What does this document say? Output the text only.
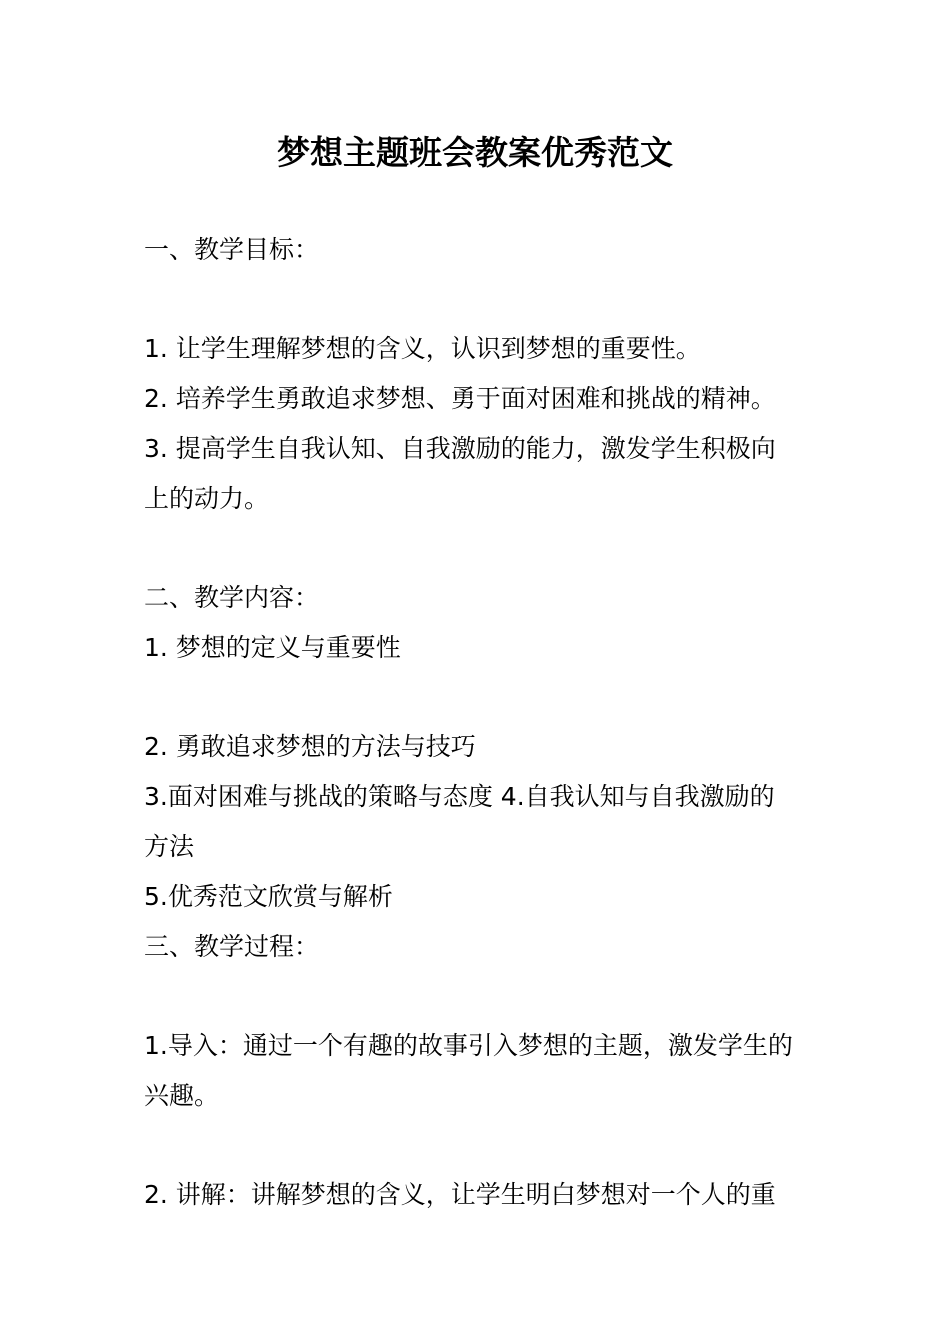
梦想主题班会教案优秀范文
一、教学目标：
1. 让学生理解梦想的含义，认识到梦想的重要性。
2. 培养学生勇敢追求梦想、勇于面对困难和挑战的精神。
3. 提高学生自我认知、自我激励的能力，激发学生积极向
上的动力。
二、教学内容：
1. 梦想的定义与重要性
2. 勇敢追求梦想的方法与技巧
3.面对困难与挑战的策略与态度 4.自我认知与自我激励的
方法
5.优秀范文欣赏与解析
三、教学过程：
1.导入：通过一个有趣的故事引入梦想的主题，激发学生的
兴趣。
2. 讲解：讲解梦想的含义，让学生明白梦想对一个人的重
